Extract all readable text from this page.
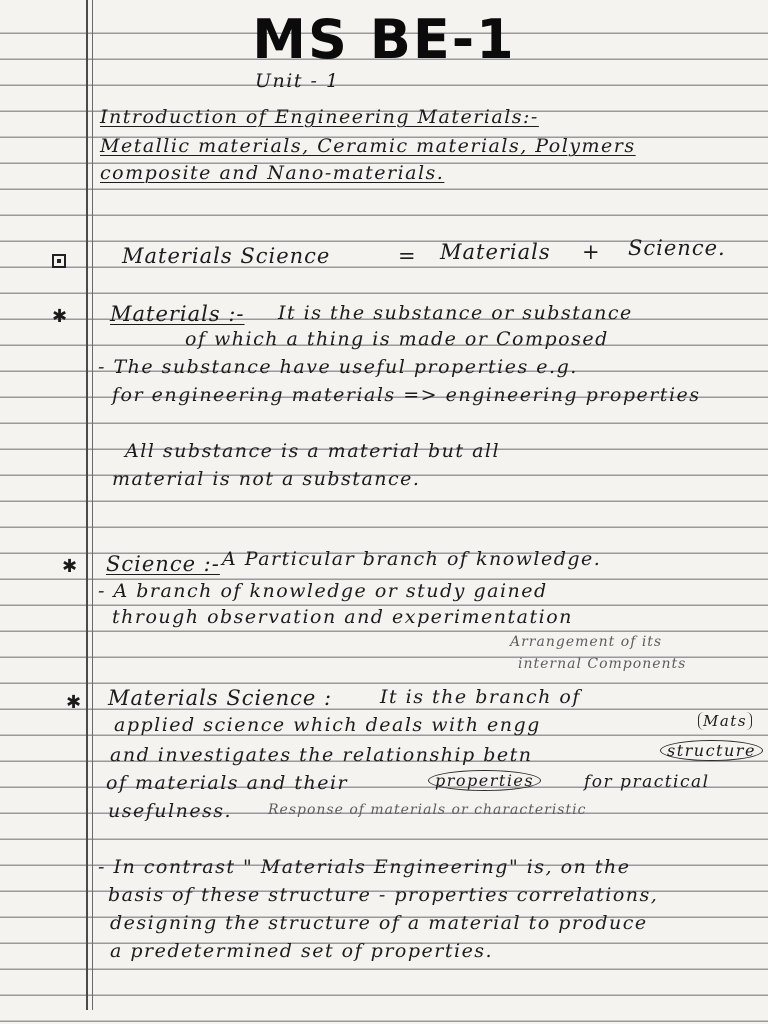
MS BE-1
Unit - 1
Introduction of Engineering Materials:-
Metallic materials, Ceramic materials, Polymers
composite and Nano-materials.
Materials Science	= Materials + Science.
✱ Materials :- It is the substance or substance
of which a thing is made or Composed
- The substance have useful properties e.g.
for engineering materials => engineering properties
All substance is a material but all
material is not a substance.
✱ Science :- A Particular branch of knowledge.
- A branch of knowledge or study gained
through observation and experimentation
Arrangement of its
internal Components
✱ Materials Science :	It is the branch of
applied science which deals with engg	Mats
and investigates the relationship betn	structure
of materials and their	properties	for practical
usefulness.	Response of materials or characteristic
- In contrast " Materials Engineering" is, on the
basis of these structure - properties correlations,
designing the structure of a material to produce
a predetermined set of properties.
